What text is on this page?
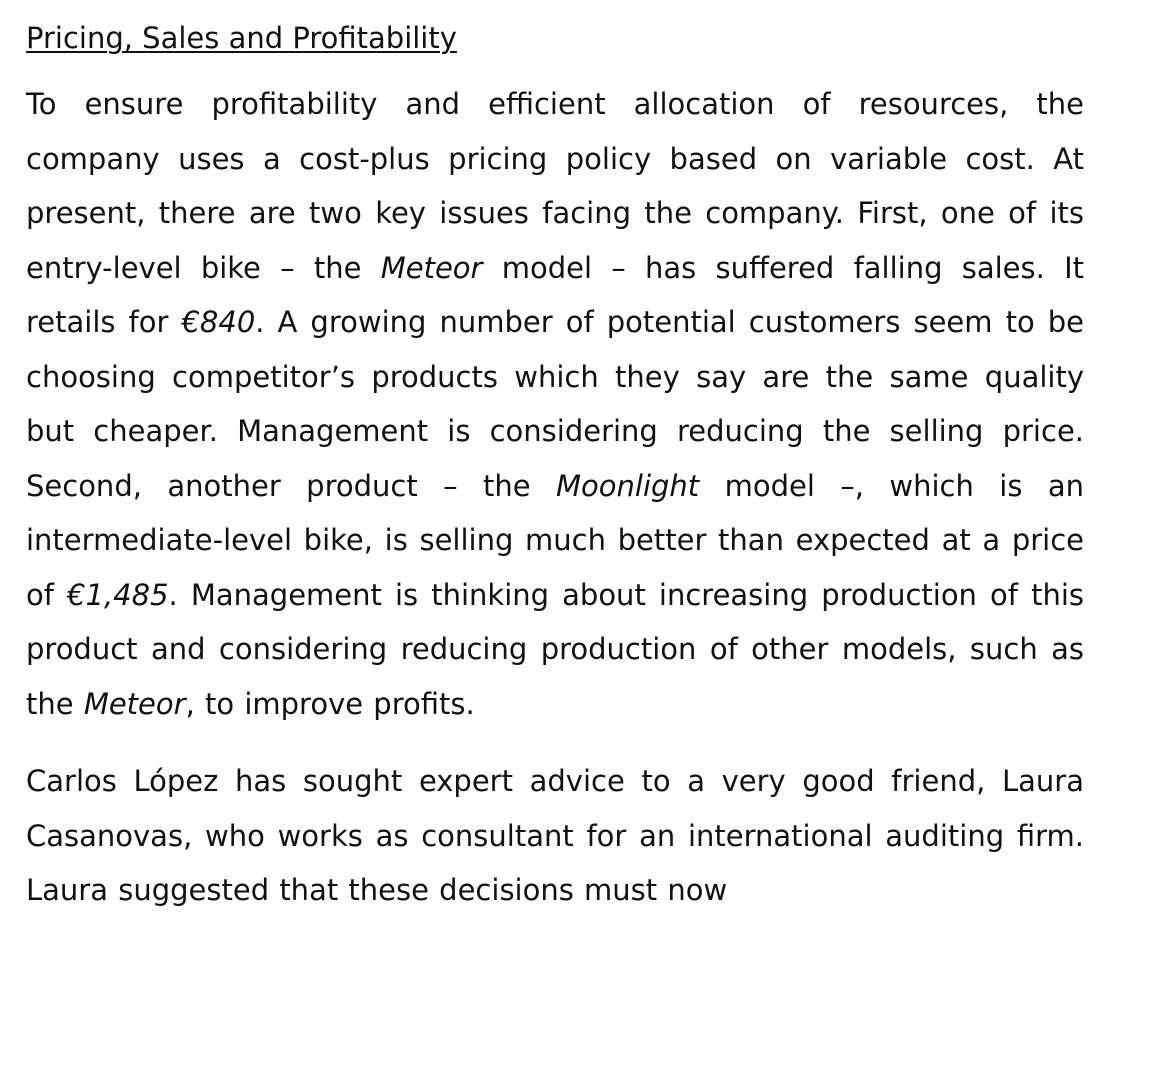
Pricing, Sales and Profitability

To ensure profitability and efficient allocation of resources, the company uses a cost-plus pricing policy based on variable cost. At present, there are two key issues facing the company. First, one of its entry-level bike – the Meteor model – has suffered falling sales. It retails for €840. A growing number of potential customers seem to be choosing competitor’s products which they say are the same quality but cheaper. Management is considering reducing the selling price. Second, another product – the Moonlight model –, which is an intermediate-level bike, is selling much better than expected at a price of €1,485. Management is thinking about increasing production of this product and considering reducing production of other models, such as the Meteor, to improve profits.

Carlos López has sought expert advice to a very good friend, Laura Casanovas, who works as consultant for an international auditing firm. Laura suggested that these decisions must now
